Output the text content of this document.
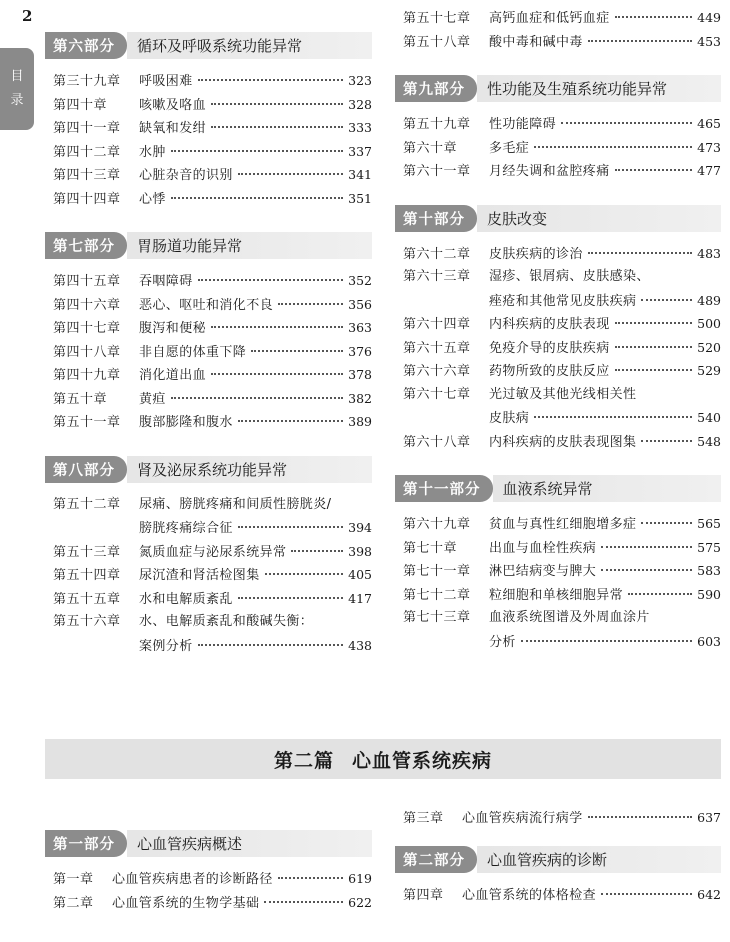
2
目
录
第六部分	循环及呼吸系统功能异常
第三十九章	呼吸困难	323
第四十章	咳嗽及咯血	328
第四十一章	缺氧和发绀	333
第四十二章	水肿	337
第四十三章	心脏杂音的识别	341
第四十四章	心悸	351
第七部分	胃肠道功能异常
第四十五章	吞咽障碍	352
第四十六章	恶心、呕吐和消化不良	356
第四十七章	腹泻和便秘	363
第四十八章	非自愿的体重下降	376
第四十九章	消化道出血	378
第五十章	黄疸	382
第五十一章	腹部膨隆和腹水	389
第八部分	肾及泌尿系统功能异常
第五十二章	尿痛、膀胱疼痛和间质性膀胱炎/
膀胱疼痛综合征	394
第五十三章	氮质血症与泌尿系统异常	398
第五十四章	尿沉渣和肾活检图集	405
第五十五章	水和电解质紊乱	417
第五十六章	水、电解质紊乱和酸碱失衡：
案例分析	438
第五十七章	高钙血症和低钙血症	449
第五十八章	酸中毒和碱中毒	453
第九部分	性功能及生殖系统功能异常
第五十九章	性功能障碍	465
第六十章	多毛症	473
第六十一章	月经失调和盆腔疼痛	477
第十部分	皮肤改变
第六十二章	皮肤疾病的诊治	483
第六十三章	湿疹、银屑病、皮肤感染、
痤疮和其他常见皮肤疾病	489
第六十四章	内科疾病的皮肤表现	500
第六十五章	免疫介导的皮肤疾病	520
第六十六章	药物所致的皮肤反应	529
第六十七章	光过敏及其他光线相关性
皮肤病	540
第六十八章	内科疾病的皮肤表现图集	548
第十一部分	血液系统异常
第六十九章	贫血与真性红细胞增多症	565
第七十章	出血与血栓性疾病	575
第七十一章	淋巴结病变与脾大	583
第七十二章	粒细胞和单核细胞异常	590
第七十三章	血液系统图谱及外周血涂片
分析	603
第二篇 心血管系统疾病
第一部分	心血管疾病概述
第一章	心血管疾病患者的诊断路径	619
第二章	心血管系统的生物学基础	622
第三章	心血管疾病流行病学	637
第二部分	心血管疾病的诊断
第四章	心血管系统的体格检查	642
